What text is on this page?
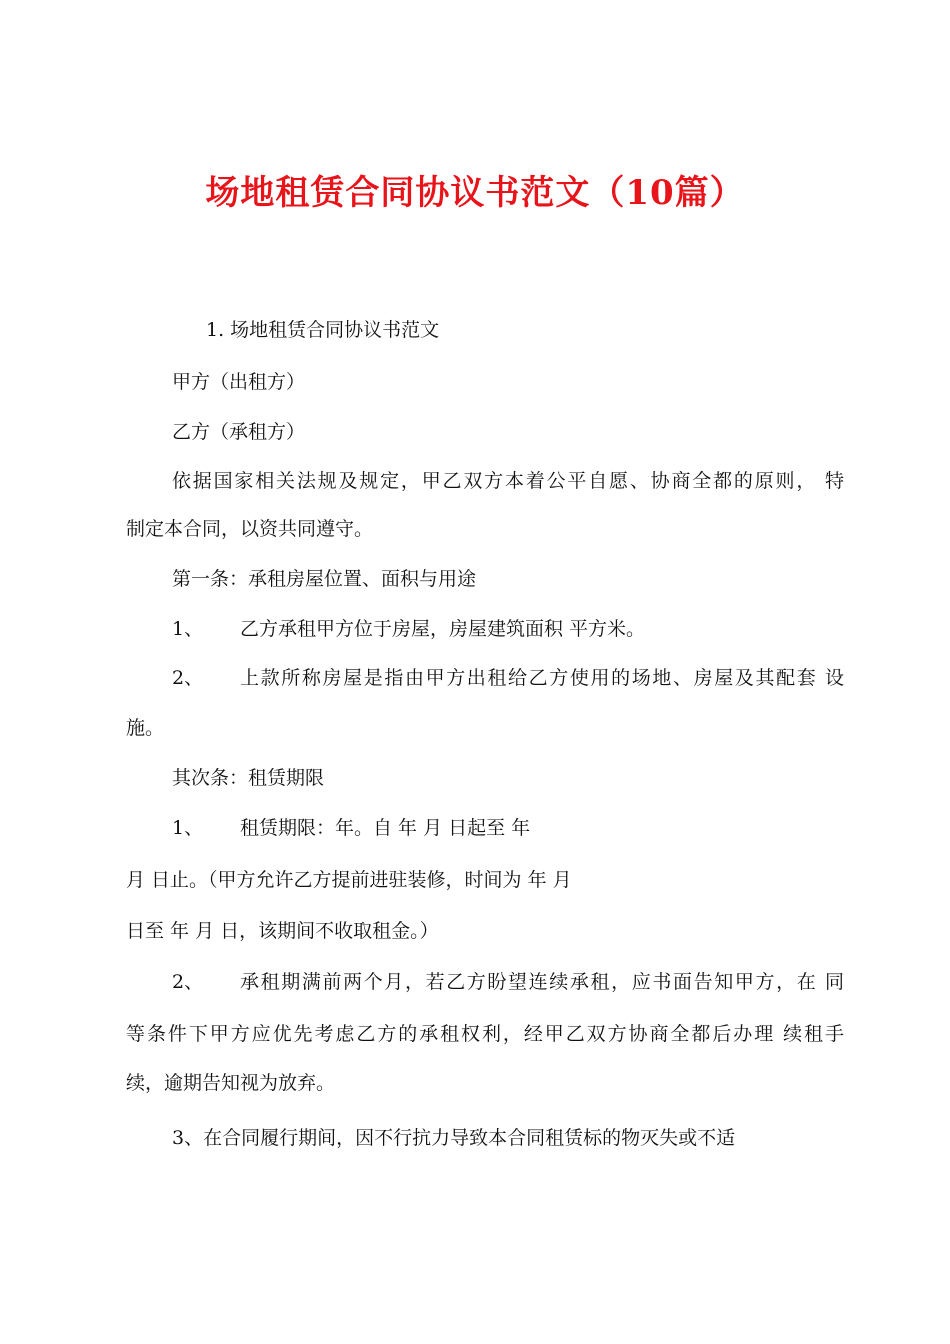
场地租赁合同协议书范文（10篇）

1. 场地租赁合同协议书范文

甲方（出租方）

乙方（承租方）

依据国家相关法规及规定，甲乙双方本着公平自愿、协商全都的原则， 特

制定本合同，以资共同遵守。

第一条：承租房屋位置、面积与用途

1、 乙方承租甲方位于房屋，房屋建筑面积 平方米。

2、 上款所称房屋是指由甲方出租给乙方使用的场地、房屋及其配套 设

施。

其次条：租赁期限

1、 租赁期限：年。自 年 月 日起至 年

月 日止。（甲方允许乙方提前进驻装修，时间为 年 月

日至 年 月 日，该期间不收取租金。）

2、 承租期满前两个月，若乙方盼望连续承租，应书面告知甲方，在 同

等条件下甲方应优先考虑乙方的承租权利，经甲乙双方协商全都后办理 续租手

续，逾期告知视为放弃。

3、在合同履行期间，因不行抗力导致本合同租赁标的物灭失或不适
